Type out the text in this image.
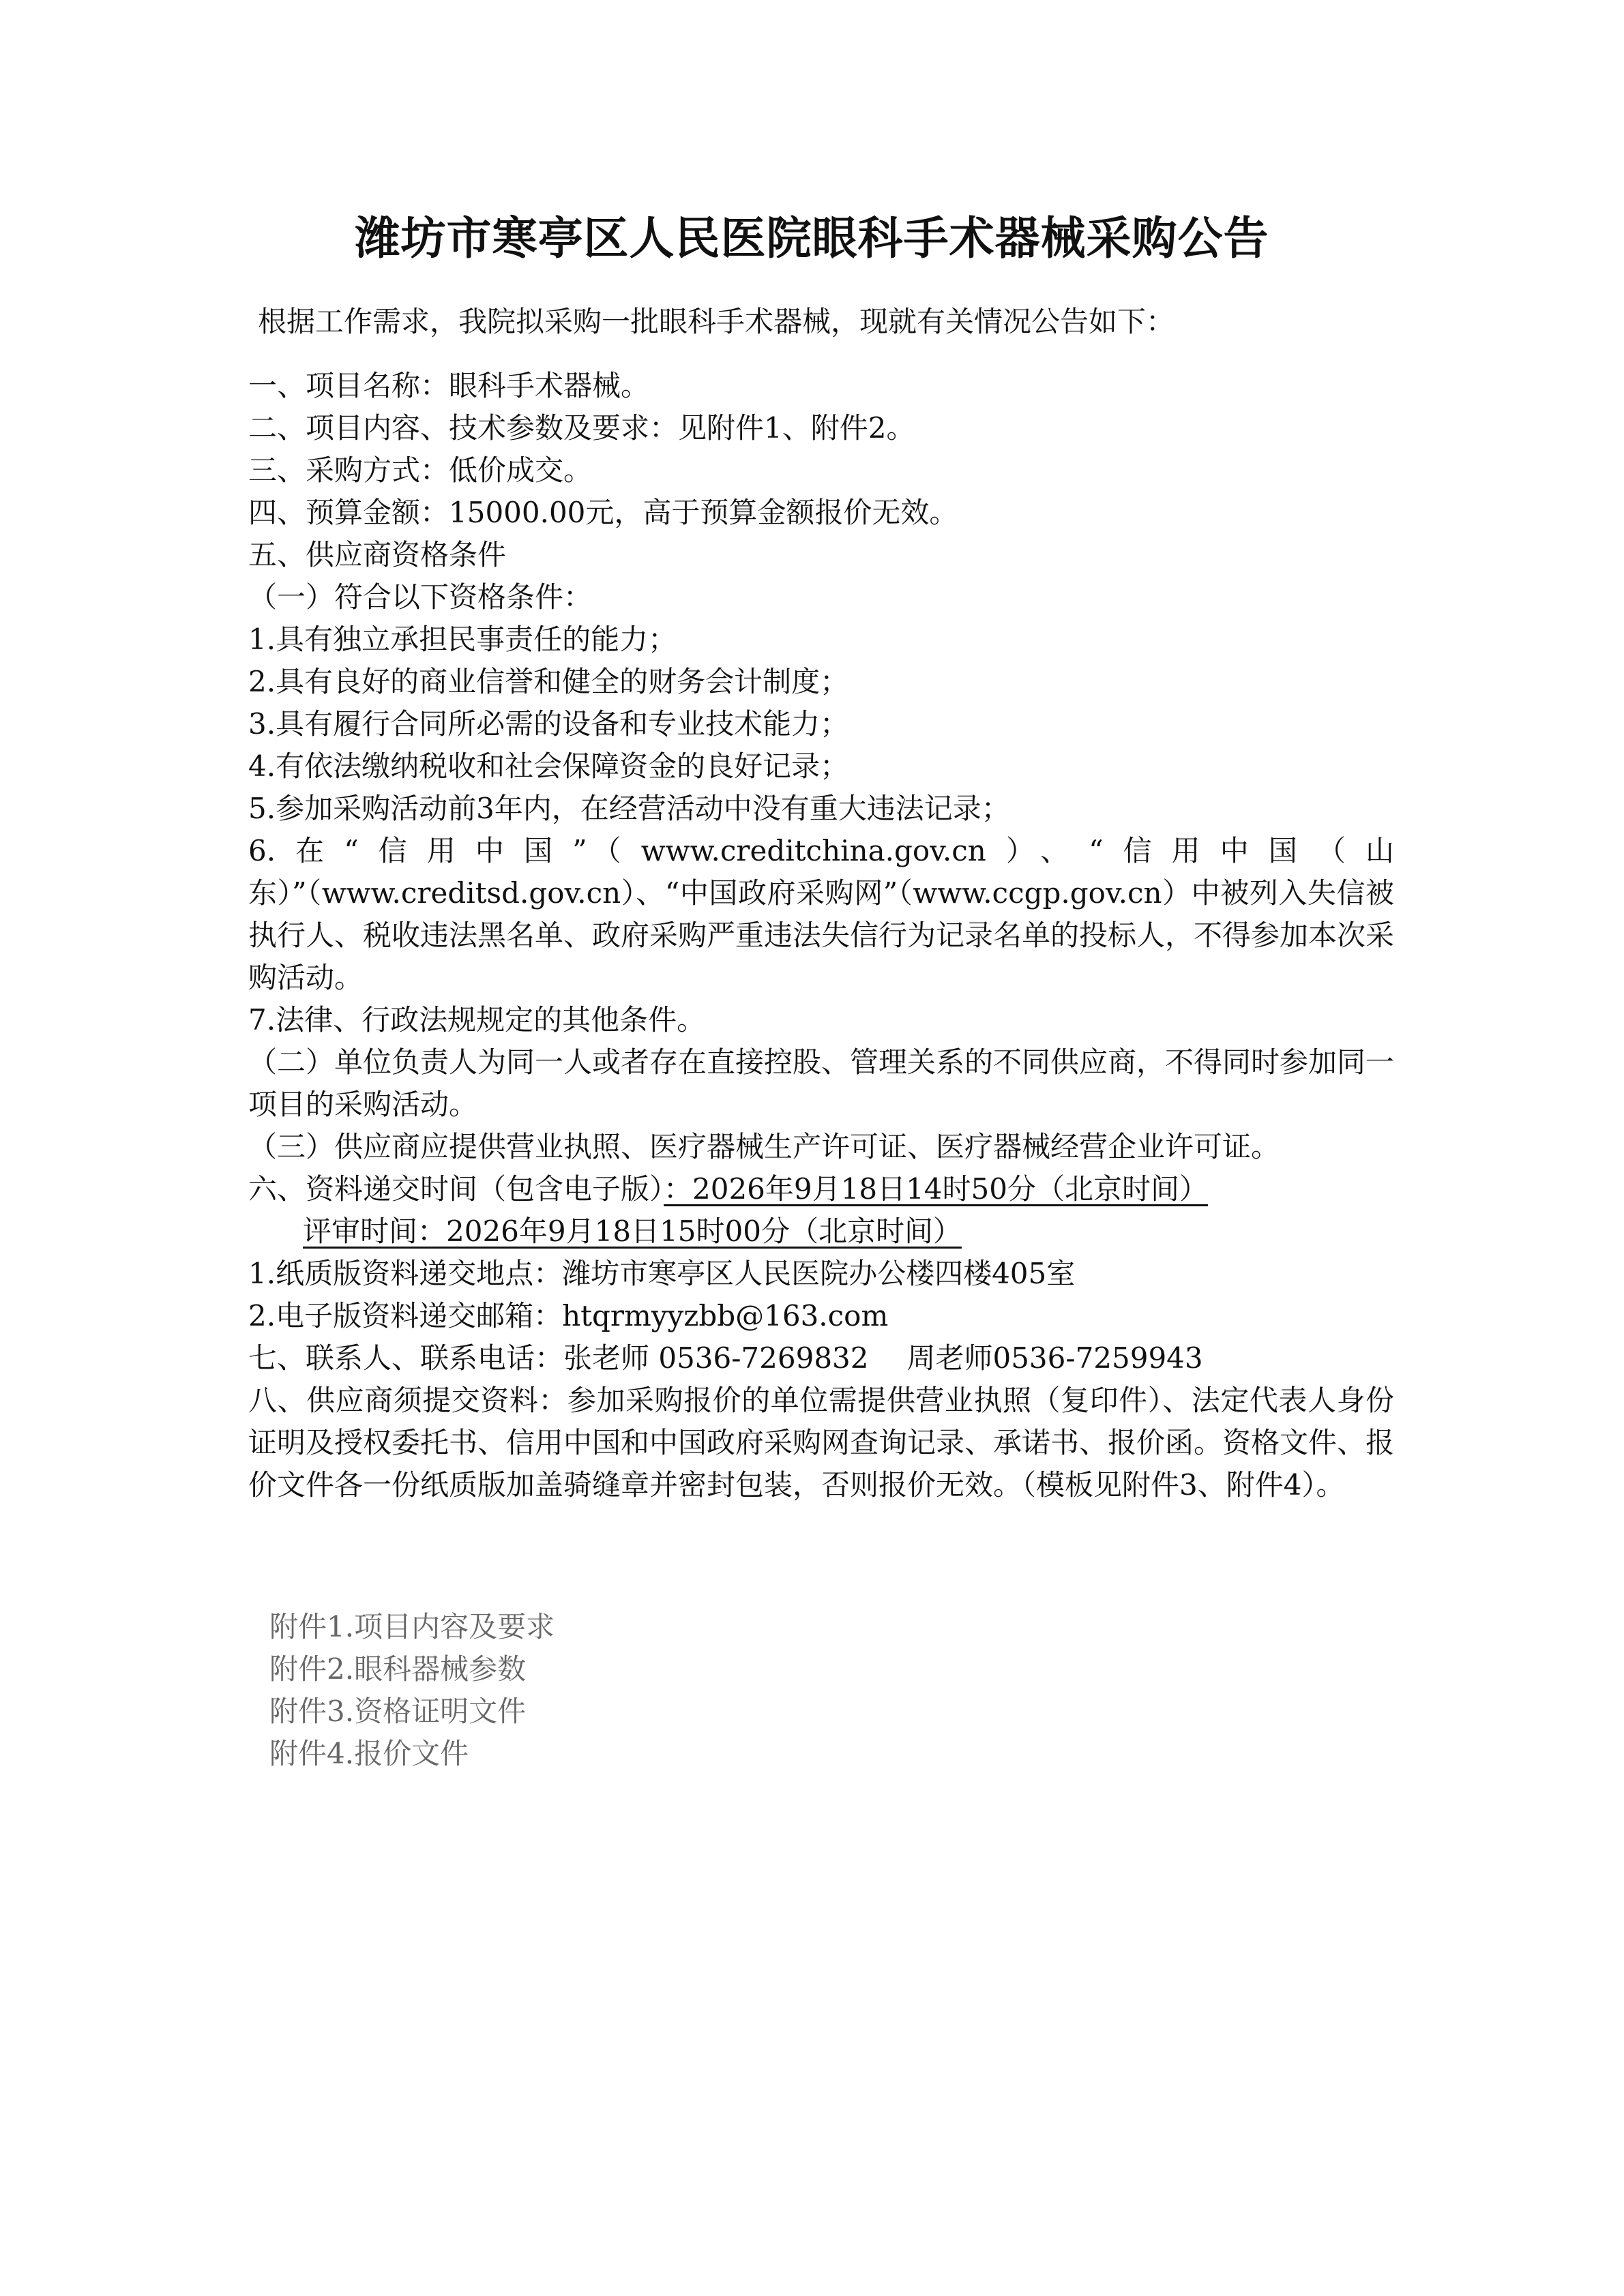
潍坊市寒亭区人民医院眼科手术器械采购公告
根据工作需求，我院拟采购一批眼科手术器械，现就有关情况公告如下：
一、项目名称：眼科手术器械。
二、项目内容、技术参数及要求：见附件1、附件2。
三、采购方式：低价成交。
四、预算金额：15000.00元，高于预算金额报价无效。
五、供应商资格条件
（一）符合以下资格条件：
1.具有独立承担民事责任的能力；
2.具有良好的商业信誉和健全的财务会计制度；
3.具有履行合同所必需的设备和专业技术能力；
4.有依法缴纳税收和社会保障资金的良好记录；
5.参加采购活动前3年内，在经营活动中没有重大违法记录；
6.在“信用中国”（www.creditchina.gov.cn）、“信用中国（山东）”（www.creditsd.gov.cn）、“中国政府采购网”（www.ccgp.gov.cn）中被列入失信被执行人、税收违法黑名单、政府采购严重违法失信行为记录名单的投标人，不得参加本次采购活动。
7.法律、行政法规规定的其他条件。
（二）单位负责人为同一人或者存在直接控股、管理关系的不同供应商，不得同时参加同一项目的采购活动。
（三）供应商应提供营业执照、医疗器械生产许可证、医疗器械经营企业许可证。
六、资料递交时间（包含电子版）：2026年9月18日14时50分（北京时间）
评审时间：2026年9月18日15时00分（北京时间）
1.纸质版资料递交地点：潍坊市寒亭区人民医院办公楼四楼405室
2.电子版资料递交邮箱：htqrmyyzbb@163.com
七、联系人、联系电话：张老师 0536-7269832 周老师0536-7259943
八、供应商须提交资料：参加采购报价的单位需提供营业执照（复印件）、法定代表人身份证明及授权委托书、信用中国和中国政府采购网查询记录、承诺书、报价函。资格文件、报价文件各一份纸质版加盖骑缝章并密封包装，否则报价无效。（模板见附件3、附件4）。
附件1.项目内容及要求
附件2.眼科器械参数
附件3.资格证明文件
附件4.报价文件
